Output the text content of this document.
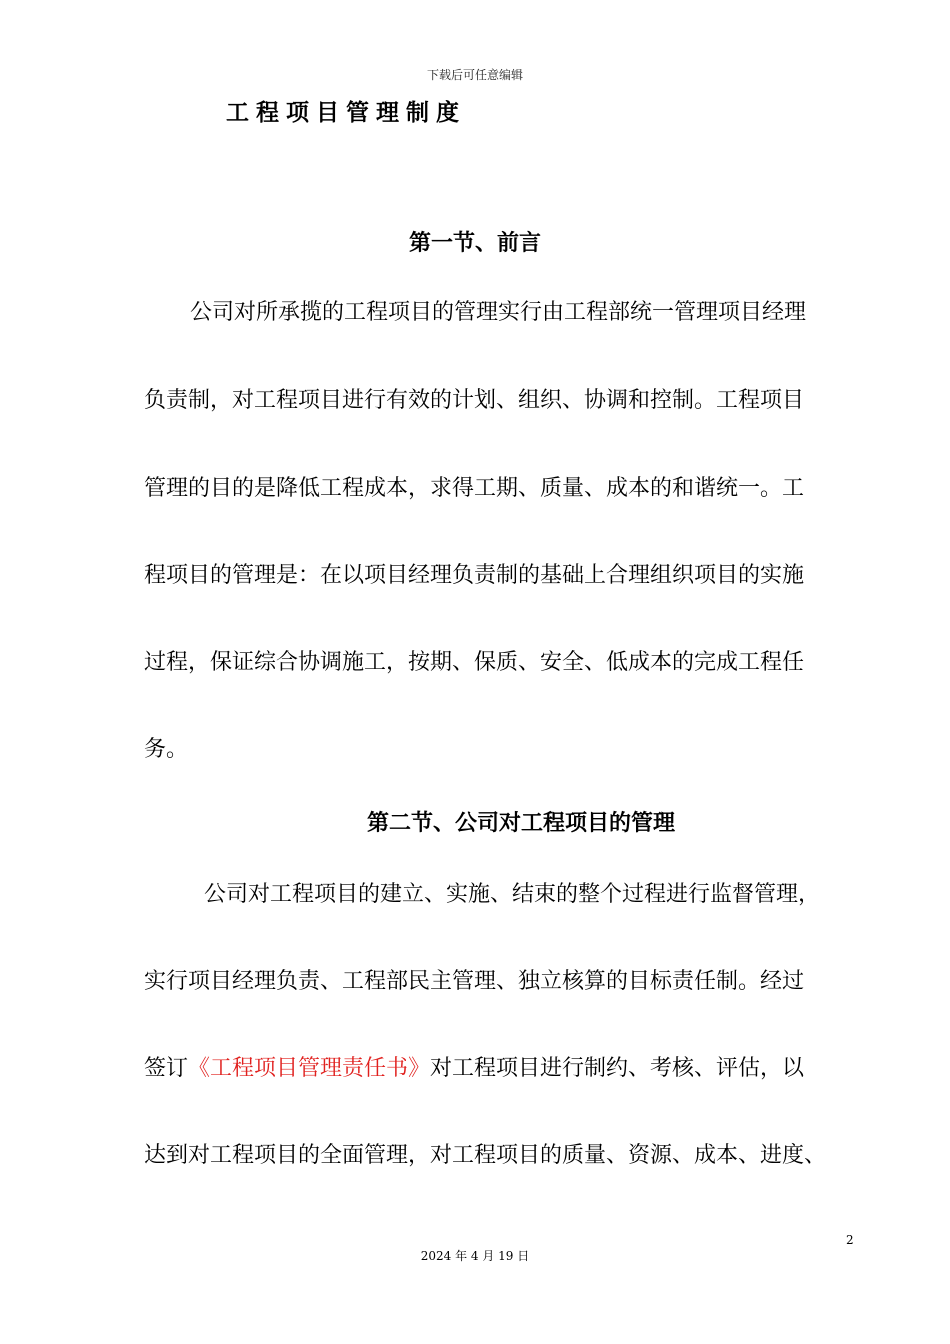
下载后可任意编辑
工程项目管理制度
第一节、前言
公司对所承揽的工程项目的管理实行由工程部统一管理项目经理
负责制，对工程项目进行有效的计划、组织、协调和控制。工程项目
管理的目的是降低工程成本，求得工期、质量、成本的和谐统一。工
程项目的管理是：在以项目经理负责制的基础上合理组织项目的实施
过程，保证综合协调施工，按期、保质、安全、低成本的完成工程任
务。
第二节、公司对工程项目的管理
公司对工程项目的建立、实施、结束的整个过程进行监督管理，
实行项目经理负责、工程部民主管理、独立核算的目标责任制。经过
签订《工程项目管理责任书》对工程项目进行制约、考核、评估，以
达到对工程项目的全面管理，对工程项目的质量、资源、成本、进度、
2
2024 年 4 月 19 日
